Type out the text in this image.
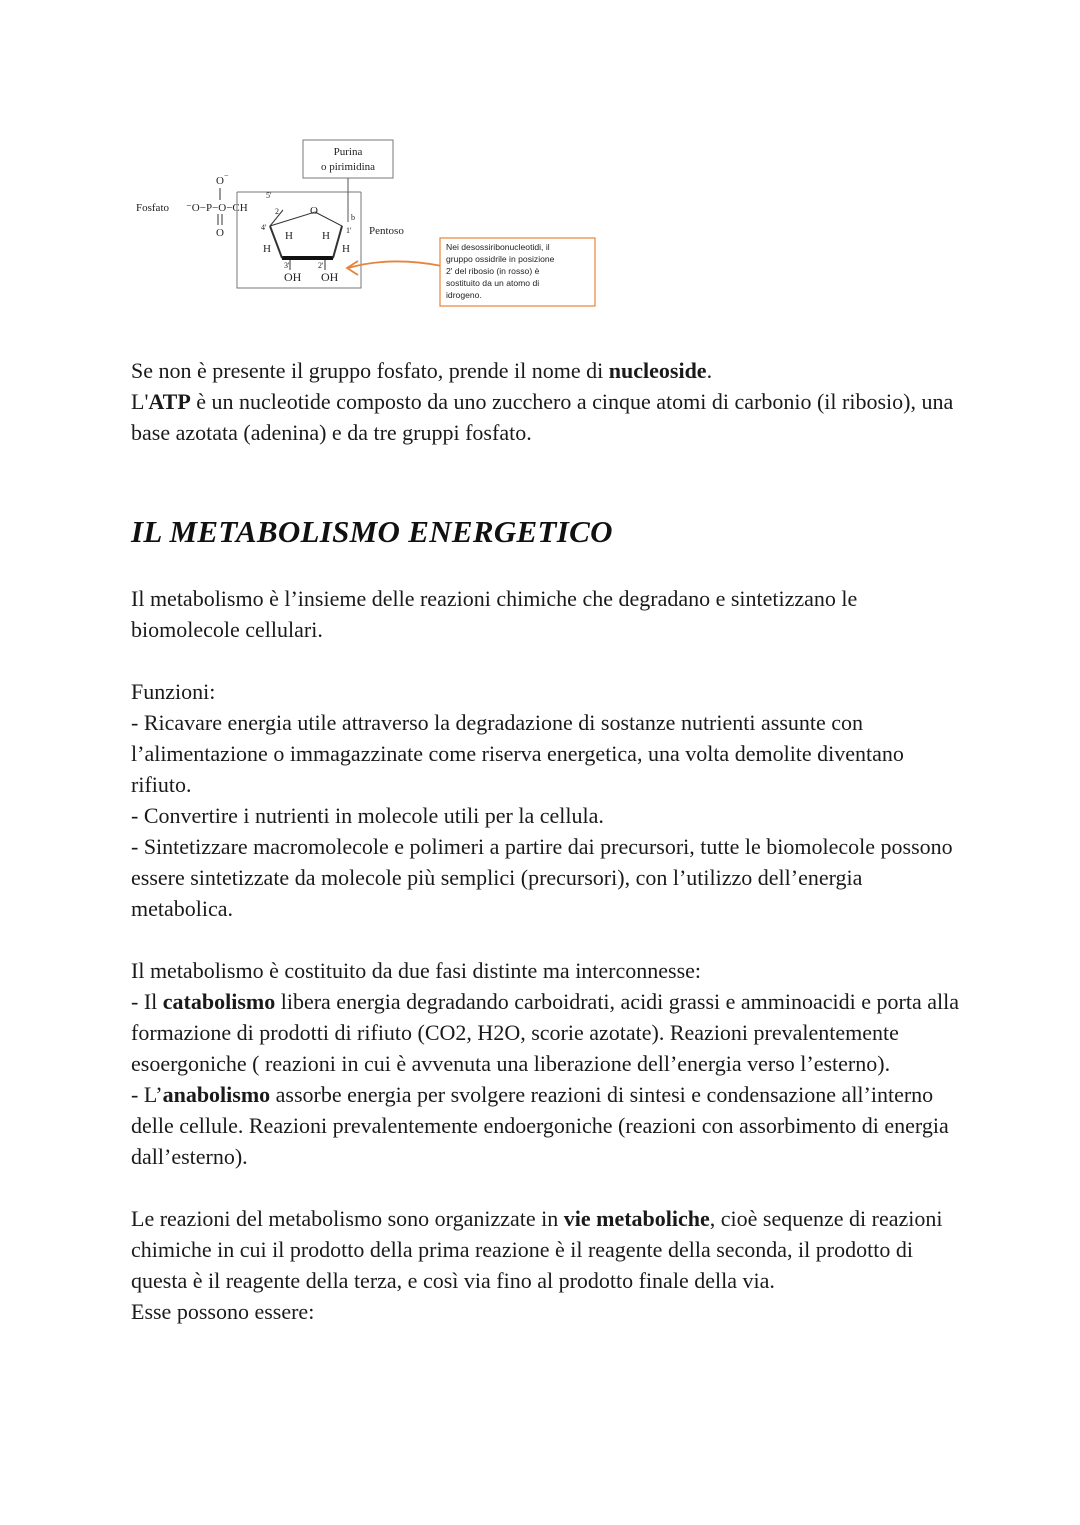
Purina
o pirimidina
b
Fosfato
O −
⁻O−P−O−CH	2
5'
O
O
4'	1'
H	H
H	H
3'	2'
OH OH
Pentoso
Nei desossiribonucleotidi, il
gruppo ossidrile in posizione
2' del ribosio (in rosso) è
sostituito da un atomo di
idrogeno.

Se non è presente il gruppo fosfato, prende il nome di nucleoside.

L'ATP è un nucleotide composto da uno zucchero a cinque atomi di carbonio (il ribosio), una base azotata (adenina) e da tre gruppi fosfato.

IL METABOLISMO ENERGETICO

Il metabolismo è l’insieme delle reazioni chimiche che degradano e sintetizzano le biomolecole cellulari.

Funzioni:

- Ricavare energia utile attraverso la degradazione di sostanze nutrienti assunte con l’alimentazione o immagazzinate come riserva energetica, una volta demolite diventano rifiuto.

- Convertire i nutrienti in molecole utili per la cellula.

- Sintetizzare macromolecole e polimeri a partire dai precursori, tutte le biomolecole possono essere sintetizzate da molecole più semplici (precursori), con l’utilizzo dell’energia metabolica.

Il metabolismo è costituito da due fasi distinte ma interconnesse:

- Il catabolismo libera energia degradando carboidrati, acidi grassi e amminoacidi e porta alla formazione di prodotti di rifiuto (CO2, H2O, scorie azotate). Reazioni prevalentemente esoergoniche ( reazioni in cui è avvenuta una liberazione dell’energia verso l’esterno).

- L’anabolismo assorbe energia per svolgere reazioni di sintesi e condensazione all’interno delle cellule. Reazioni prevalentemente endoergoniche (reazioni con assorbimento di energia dall’esterno).

Le reazioni del metabolismo sono organizzate in vie metaboliche, cioè sequenze di reazioni chimiche in cui il prodotto della prima reazione è il reagente della seconda, il prodotto di questa è il reagente della terza, e così via fino al prodotto finale della via.

Esse possono essere:
